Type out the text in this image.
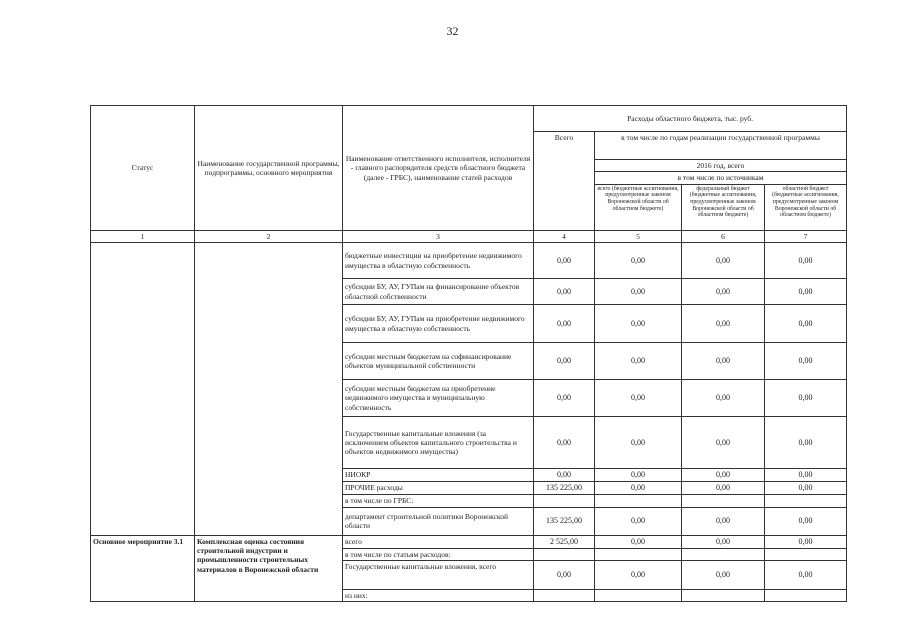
32
Статус	Наименование государственной программы, подпрограммы, основного мероприятия	Наименование ответственного исполнителя, исполнителя - главного распорядителя средств областного бюджета (далее - ГРБС), наименование статей расходов	Расходы областного бюджета, тыс. руб.			
			Всего	в том числе по годам реализации государственной программы		
				2016 год, всего		
				в том числе по источникам		
				всего (бюджетные ассигнования, предусмотренные законом Воронежской области об областном бюджете)	федеральный бюджет (бюджетные ассигнования, предусмотренные законом Воронежской области об областном бюджете)	областной бюджет (бюджетные ассигнования, предусмотренные законом Воронежской области об областном бюджете)

1	2	3	4	5	6	7
		бюджетные инвестиции на приобретение недвижимого имущества в областную собственность	0,00	0,00	0,00	0,00
		субсидии БУ, АУ, ГУПам на финансирование объектов областной собственности	0,00	0,00	0,00	0,00
		субсидии БУ, АУ, ГУПам на приобретение недвижимого имущества в областную собственность	0,00	0,00	0,00	0,00
		субсидии местным бюджетам на софинансирование объектов муниципальной собственности	0,00	0,00	0,00	0,00
		субсидии местным бюджетам на приобретение недвижимого имущества в муниципальную собственность	0,00	0,00	0,00	0,00
		Государственные капитальные вложения (за исключением объектов капитального строительства и объектов недвижимого имущества)	0,00	0,00	0,00	0,00
		НИОКР	0,00	0,00	0,00	0,00
		ПРОЧИЕ расходы	135 225,00	0,00	0,00	0,00
		в том числе по ГРБС:				
		департамент строительной политики Воронежской области	135 225,00	0,00	0,00	0,00
Основное мероприятие 3.1	Комплексная оценка состояния строительной индустрии и промышленности строительных материалов в Воронежской области	всего	2 525,00	0,00	0,00	0,00
		в том числе по статьям расходов:				
		Государственные капитальные вложения, всего	0,00	0,00	0,00	0,00
		из них:				
